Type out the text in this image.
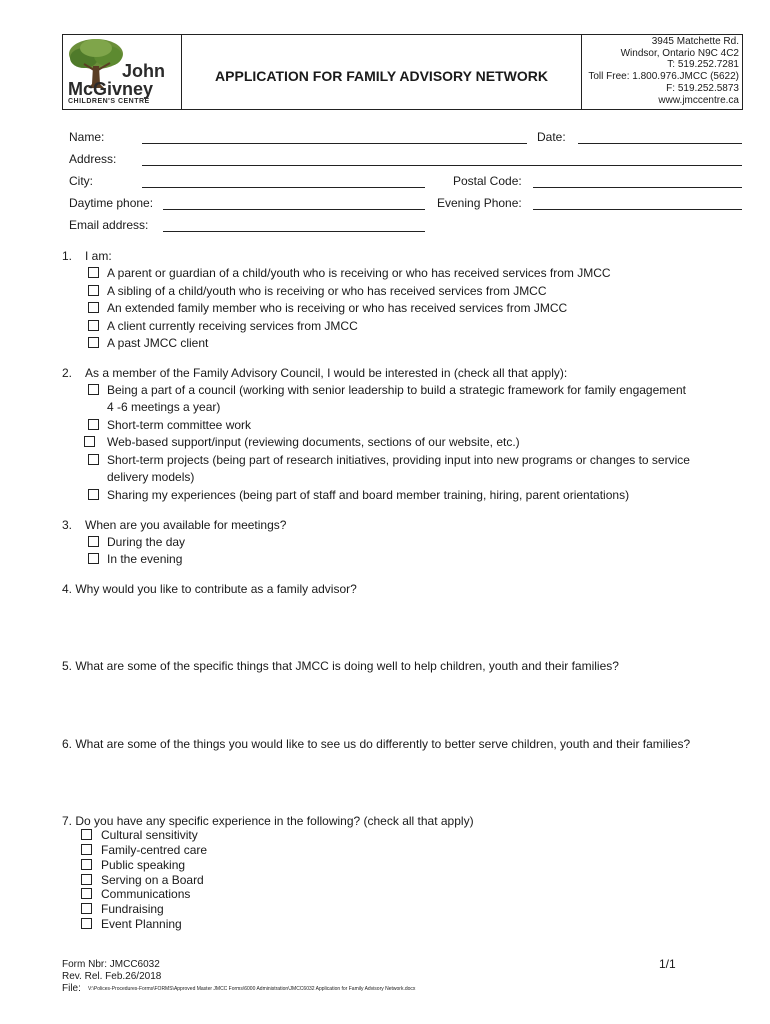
John
McGivney
CHILDREN'S CENTRE
APPLICATION FOR FAMILY ADVISORY NETWORK
3945 Matchette Rd.
Windsor, Ontario N9C 4C2
T: 519.252.7281
Toll Free: 1.800.976.JMCC (5622)
F: 519.252.5873
www.jmccentre.ca
Name:	Date:
Address:
City:	Postal Code:
Daytime phone:	Evening Phone:
Email address:
1. I am:
A parent or guardian of a child/youth who is receiving or who has received services from JMCC
A sibling of a child/youth who is receiving or who has received services from JMCC
An extended family member who is receiving or who has received services from JMCC
A client currently receiving services from JMCC
A past JMCC client
2. As a member of the Family Advisory Council, I would be interested in (check all that apply):
Being a part of a council (working with senior leadership to build a strategic framework for family engagement
4 -6 meetings a year)
Short-term committee work
Web-based support/input (reviewing documents, sections of our website, etc.)
Short-term projects (being part of research initiatives, providing input into new programs or changes to service
delivery models)
Sharing my experiences (being part of staff and board member training, hiring, parent orientations)
3. When are you available for meetings?
During the day
In the evening
4. Why would you like to contribute as a family advisor?
5. What are some of the specific things that JMCC is doing well to help children, youth and their families?
6. What are some of the things you would like to see us do differently to better serve children, youth and their families?
7. Do you have any specific experience in the following? (check all that apply)
Cultural sensitivity
Family-centred care
Public speaking
Serving on a Board
Communications
Fundraising
Event Planning
Form Nbr: JMCC6032
Rev. Rel. Feb.26/2018
File: V:\Polices-Procedures-Forms\FORMS\Approved Master JMCC Forms\6000 Administration\JMCC6032 Application for Family Advisory Network.docx
1/1
